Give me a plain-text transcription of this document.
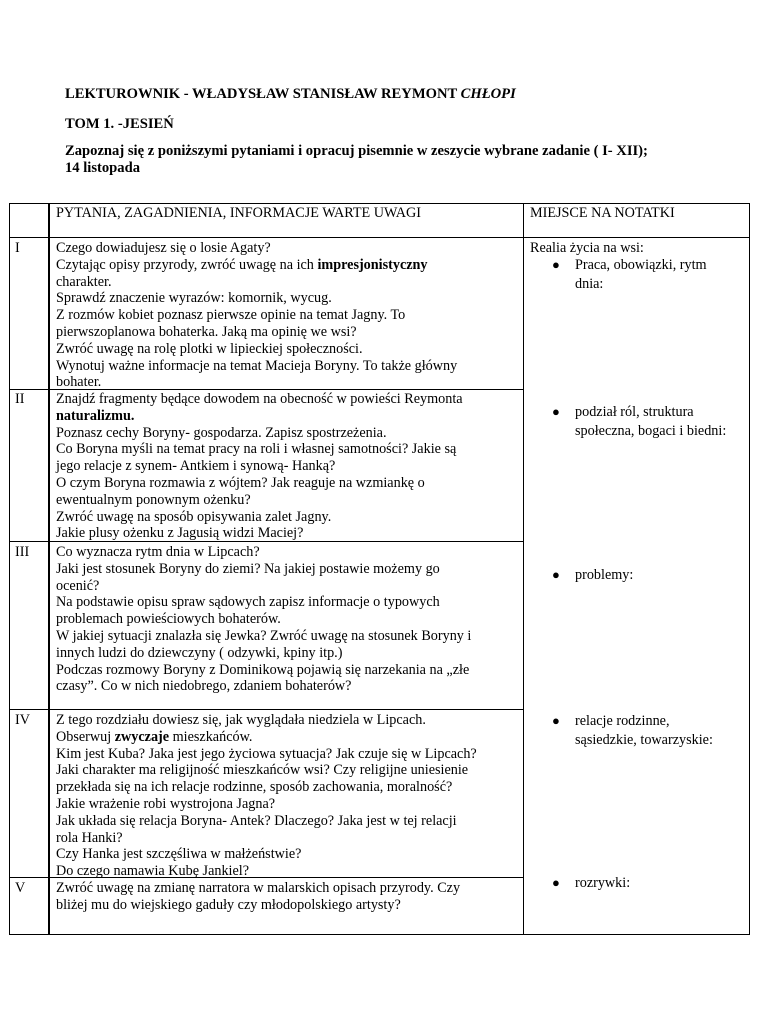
LEKTUROWNIK - WŁADYSŁAW STANISŁAW REYMONT CHŁOPI
TOM 1. -JESIEŃ
Zapoznaj się z poniższymi pytaniami i opracuj pisemnie w zeszycie wybrane zadanie ( I- XII);
14 listopada
PYTANIA, ZAGADNIENIA, INFORMACJE WARTE UWAGI	MIEJSCE NA NOTATKI
I
II
III
IV
V
Czego dowiadujesz się o losie Agaty?
Czytając opisy przyrody, zwróć uwagę na ich impresjonistyczny
charakter.
Sprawdź znaczenie wyrazów: komornik, wycug.
Z rozmów kobiet poznasz pierwsze opinie na temat Jagny. To
pierwszoplanowa bohaterka. Jaką ma opinię we wsi?
Zwróć uwagę na rolę plotki w lipieckiej społeczności.
Wynotuj ważne informacje na temat Macieja Boryny. To także główny
bohater.
Znajdź fragmenty będące dowodem na obecność w powieści Reymonta
naturalizmu.
Poznasz cechy Boryny- gospodarza. Zapisz spostrzeżenia.
Co Boryna myśli na temat pracy na roli i własnej samotności? Jakie są
jego relacje z synem- Antkiem i synową- Hanką?
O czym Boryna rozmawia z wójtem? Jak reaguje na wzmiankę o
ewentualnym ponownym ożenku?
Zwróć uwagę na sposób opisywania zalet Jagny.
Jakie plusy ożenku z Jagusią widzi Maciej?
Co wyznacza rytm dnia w Lipcach?
Jaki jest stosunek Boryny do ziemi? Na jakiej postawie możemy go
ocenić?
Na podstawie opisu spraw sądowych zapisz informacje o typowych
problemach powieściowych bohaterów.
W jakiej sytuacji znalazła się Jewka? Zwróć uwagę na stosunek Boryny i
innych ludzi do dziewczyny ( odzywki, kpiny itp.)
Podczas rozmowy Boryny z Dominikową pojawią się narzekania na „złe
czasy”. Co w nich niedobrego, zdaniem bohaterów?
Z tego rozdziału dowiesz się, jak wyglądała niedziela w Lipcach.
Obserwuj zwyczaje mieszkańców.
Kim jest Kuba? Jaka jest jego życiowa sytuacja? Jak czuje się w Lipcach?
Jaki charakter ma religijność mieszkańców wsi? Czy religijne uniesienie
przekłada się na ich relacje rodzinne, sposób zachowania, moralność?
Jakie wrażenie robi wystrojona Jagna?
Jak układa się relacja Boryna- Antek? Dlaczego? Jaka jest w tej relacji
rola Hanki?
Czy Hanka jest szczęśliwa w małżeństwie?
Do czego namawia Kubę Jankiel?
Zwróć uwagę na zmianę narratora w malarskich opisach przyrody. Czy
bliżej mu do wiejskiego gaduły czy młodopolskiego artysty?
Realia życia na wsi:
● Praca, obowiązki, rytm
dnia:
● podział ról, struktura
społeczna, bogaci i biedni:
● problemy:
● relacje rodzinne,
sąsiedzkie, towarzyskie:
● rozrywki:
